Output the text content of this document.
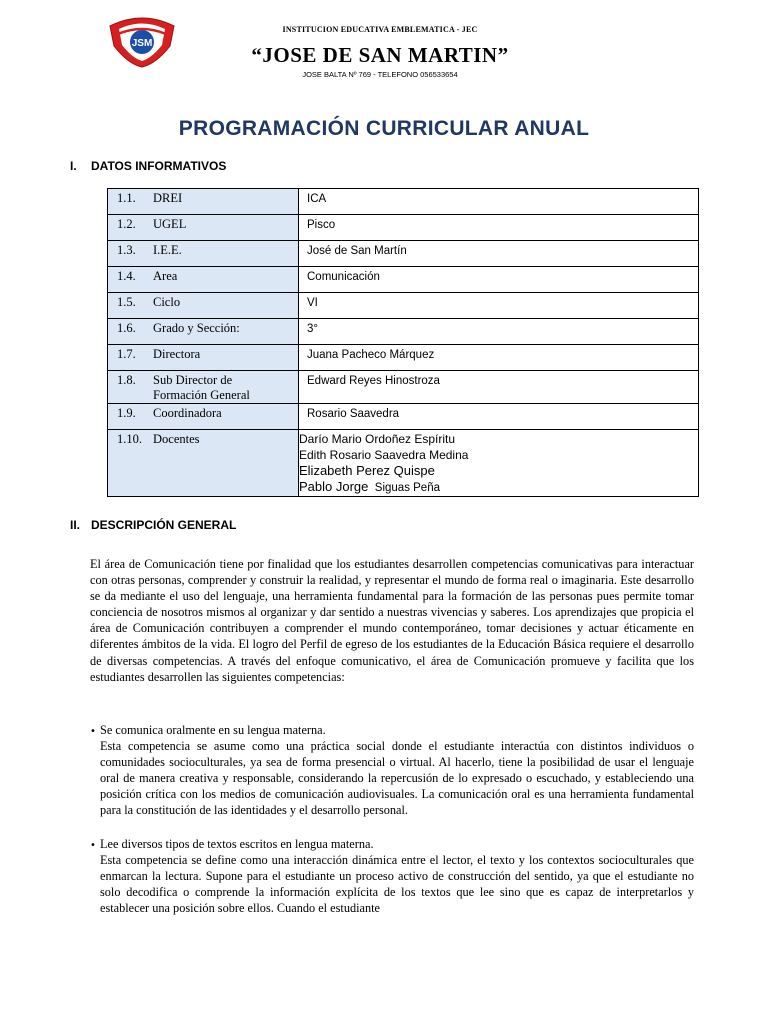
JSM
INSTITUCION EDUCATIVA EMBLEMATICA - JEC
“JOSE DE SAN MARTIN”
JOSE BALTA Nº 769 - TELEFONO 056533654
PROGRAMACIÓN CURRICULAR ANUAL
I. DATOS INFORMATIVOS
1.1. DREI	ICA
1.2. UGEL	Pisco
1.3. I.E.E.	José de San Martín
1.4. Area	Comunicación
1.5. Ciclo	VI
1.6. Grado y Sección:	3°
1.7. Directora	Juana Pacheco Márquez
1.8. Sub Director de Formación General	Edward Reyes Hinostroza
1.9. Coordinadora	Rosario Saavedra
1.10. Docentes	Darío Mario Ordoñez Espíritu
Edith Rosario Saavedra Medina
Elizabeth Perez Quispe
Pablo Jorge Siguas Peña
II. DESCRIPCIÓN GENERAL

El área de Comunicación tiene por finalidad que los estudiantes desarrollen competencias comunicativas para interactuar con otras personas, comprender y construir la realidad, y representar el mundo de forma real o imaginaria. Este desarrollo se da mediante el uso del lenguaje, una herramienta fundamental para la formación de las personas pues permite tomar conciencia de nosotros mismos al organizar y dar sentido a nuestras vivencias y saberes. Los aprendizajes que propicia el área de Comunicación contribuyen a comprender el mundo contemporáneo, tomar decisiones y actuar éticamente en diferentes ámbitos de la vida. El logro del Perfil de egreso de los estudiantes de la Educación Básica requiere el desarrollo de diversas competencias. A través del enfoque comunicativo, el área de Comunicación promueve y facilita que los estudiantes desarrollen las siguientes competencias:

• Se comunica oralmente en su lengua materna.

Esta competencia se asume como una práctica social donde el estudiante interactúa con distintos individuos o comunidades socioculturales, ya sea de forma presencial o virtual. Al hacerlo, tiene la posibilidad de usar el lenguaje oral de manera creativa y responsable, considerando la repercusión de lo expresado o escuchado, y estableciendo una posición crítica con los medios de comunicación audiovisuales. La comunicación oral es una herramienta fundamental para la constitución de las identidades y el desarrollo personal.

• Lee diversos tipos de textos escritos en lengua materna.

Esta competencia se define como una interacción dinámica entre el lector, el texto y los contextos socioculturales que enmarcan la lectura. Supone para el estudiante un proceso activo de construcción del sentido, ya que el estudiante no solo decodifica o comprende la información explícita de los textos que lee sino que es capaz de interpretarlos y establecer una posición sobre ellos. Cuando el estudiante
